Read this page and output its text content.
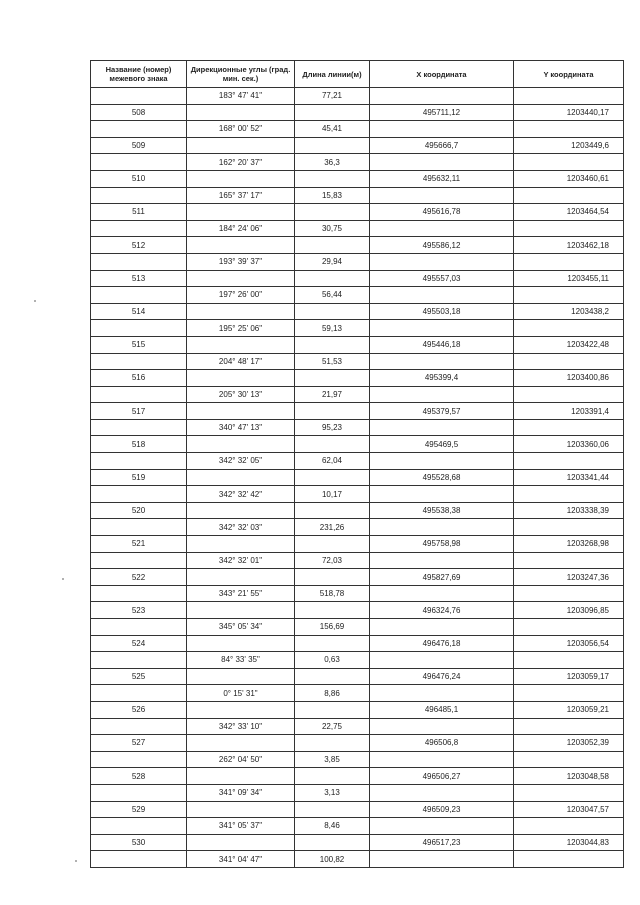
Название (номер) межевого знака	Дирекционные углы (град. мин. сек.)	Длина линии(м)	Х координата	Y координата
	183° 47' 41"	77,21		
508			495711,12	1203440,17
	168° 00' 52"	45,41		
509			495666,7	1203449,6
	162° 20' 37"	36,3		
510			495632,11	1203460,61
	165° 37' 17"	15,83		
511			495616,78	1203464,54
	184° 24' 06"	30,75		
512			495586,12	1203462,18
	193° 39' 37"	29,94		
513			495557,03	1203455,11
	197° 26' 00"	56,44		
514			495503,18	1203438,2
	195° 25' 06"	59,13		
515			495446,18	1203422,48
	204° 48' 17"	51,53		
516			495399,4	1203400,86
	205° 30' 13"	21,97		
517			495379,57	1203391,4
	340° 47' 13"	95,23		
518			495469,5	1203360,06
	342° 32' 05"	62,04		
519			495528,68	1203341,44
	342° 32' 42"	10,17		
520			495538,38	1203338,39
	342° 32' 03"	231,26		
521			495758,98	1203268,98
	342° 32' 01"	72,03		
522			495827,69	1203247,36
	343° 21' 55"	518,78		
523			496324,76	1203096,85
	345° 05' 34"	156,69		
524			496476,18	1203056,54
	84° 33' 35"	0,63		
525			496476,24	1203059,17
	0° 15' 31"	8,86		
526			496485,1	1203059,21
	342° 33' 10"	22,75		
527			496506,8	1203052,39
	262° 04' 50"	3,85		
528			496506,27	1203048,58
	341° 09' 34"	3,13		
529			496509,23	1203047,57
	341° 05' 37"	8,46		
530			496517,23	1203044,83
	341° 04' 47"	100,82		
